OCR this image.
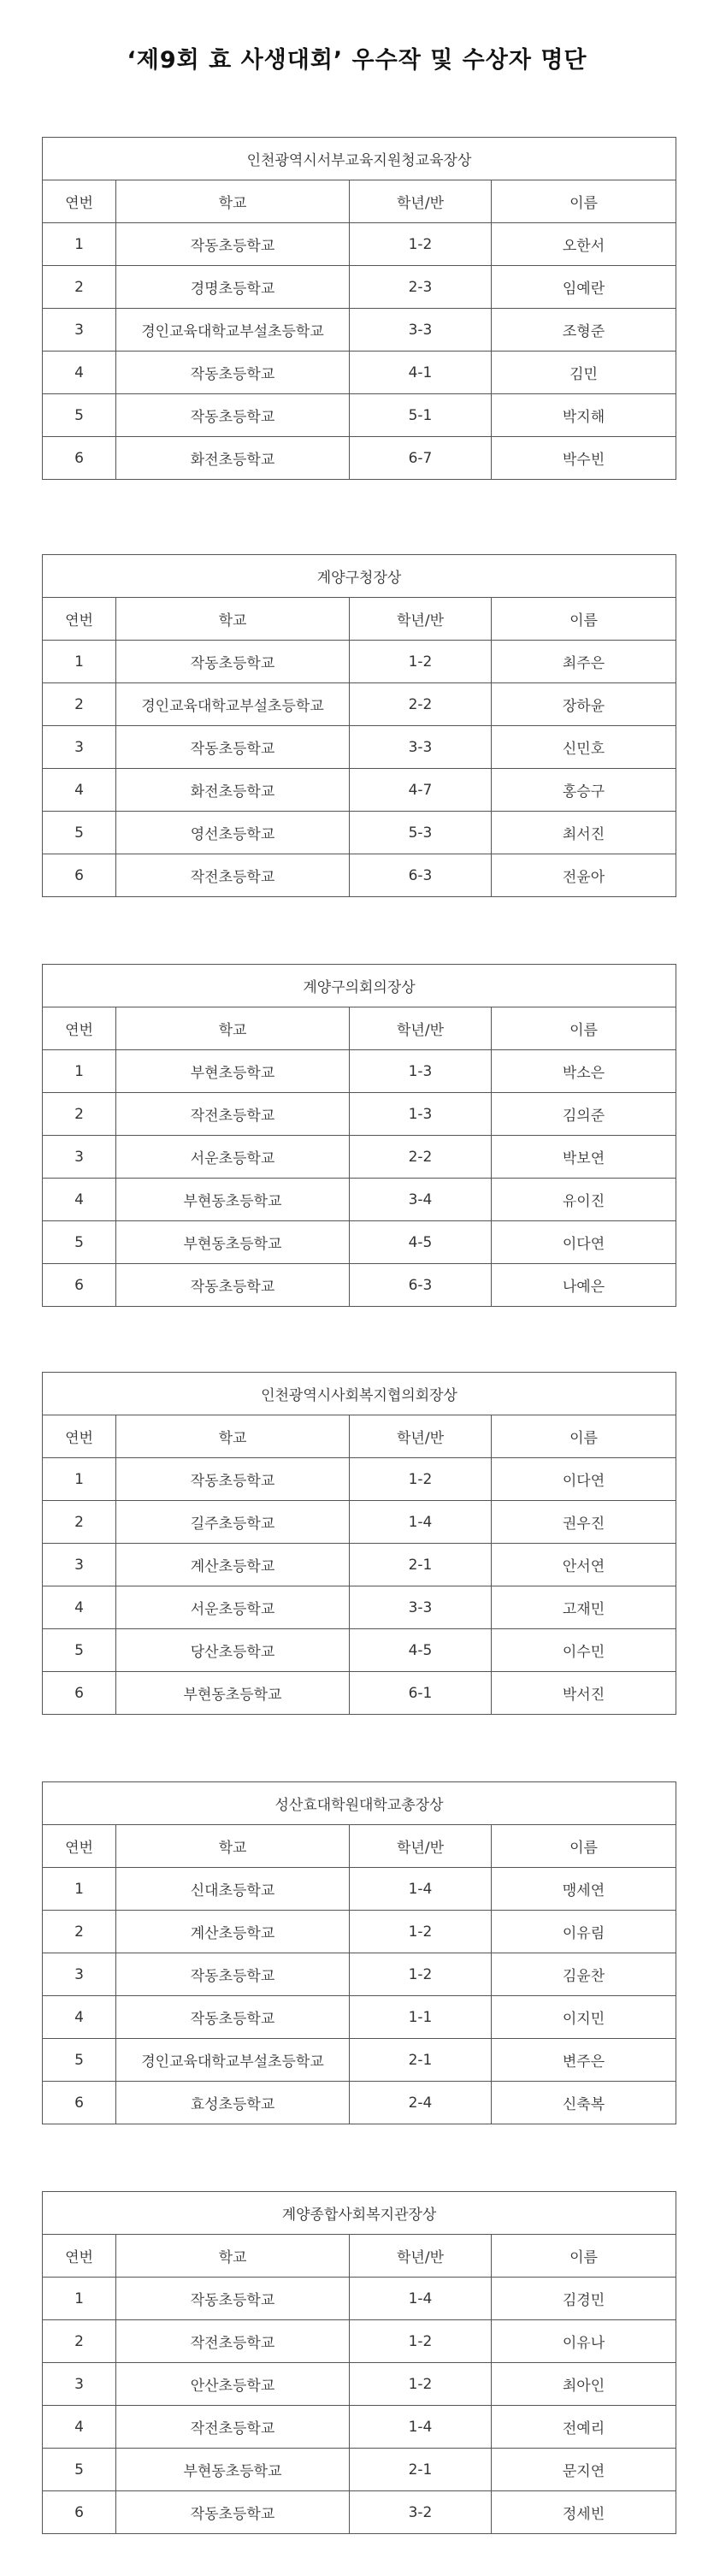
‘제9회 효 사생대회’ 우수작 및 수상자 명단
인천광역시서부교육지원청교육장상			
연번	학교	학년/반	이름
1	작동초등학교	1-2	오한서
2	경명초등학교	2-3	임예란
3	경인교육대학교부설초등학교	3-3	조형준
4	작동초등학교	4-1	김민
5	작동초등학교	5-1	박지해
6	화전초등학교	6-7	박수빈
계양구청장상			
연번	학교	학년/반	이름
1	작동초등학교	1-2	최주은
2	경인교육대학교부설초등학교	2-2	장하윤
3	작동초등학교	3-3	신민호
4	화전초등학교	4-7	홍승구
5	영선초등학교	5-3	최서진
6	작전초등학교	6-3	전윤아
계양구의회의장상			
연번	학교	학년/반	이름
1	부현초등학교	1-3	박소은
2	작전초등학교	1-3	김의준
3	서운초등학교	2-2	박보연
4	부현동초등학교	3-4	유이진
5	부현동초등학교	4-5	이다연
6	작동초등학교	6-3	나예은
인천광역시사회복지협의회장상			
연번	학교	학년/반	이름
1	작동초등학교	1-2	이다연
2	길주초등학교	1-4	권우진
3	계산초등학교	2-1	안서연
4	서운초등학교	3-3	고재민
5	당산초등학교	4-5	이수민
6	부현동초등학교	6-1	박서진
성산효대학원대학교총장상			
연번	학교	학년/반	이름
1	신대초등학교	1-4	맹세연
2	계산초등학교	1-2	이유림
3	작동초등학교	1-2	김윤찬
4	작동초등학교	1-1	이지민
5	경인교육대학교부설초등학교	2-1	변주은
6	효성초등학교	2-4	신축복
계양종합사회복지관장상			
연번	학교	학년/반	이름
1	작동초등학교	1-4	김경민
2	작전초등학교	1-2	이유나
3	안산초등학교	1-2	최아인
4	작전초등학교	1-4	전예리
5	부현동초등학교	2-1	문지연
6	작동초등학교	3-2	정세빈
